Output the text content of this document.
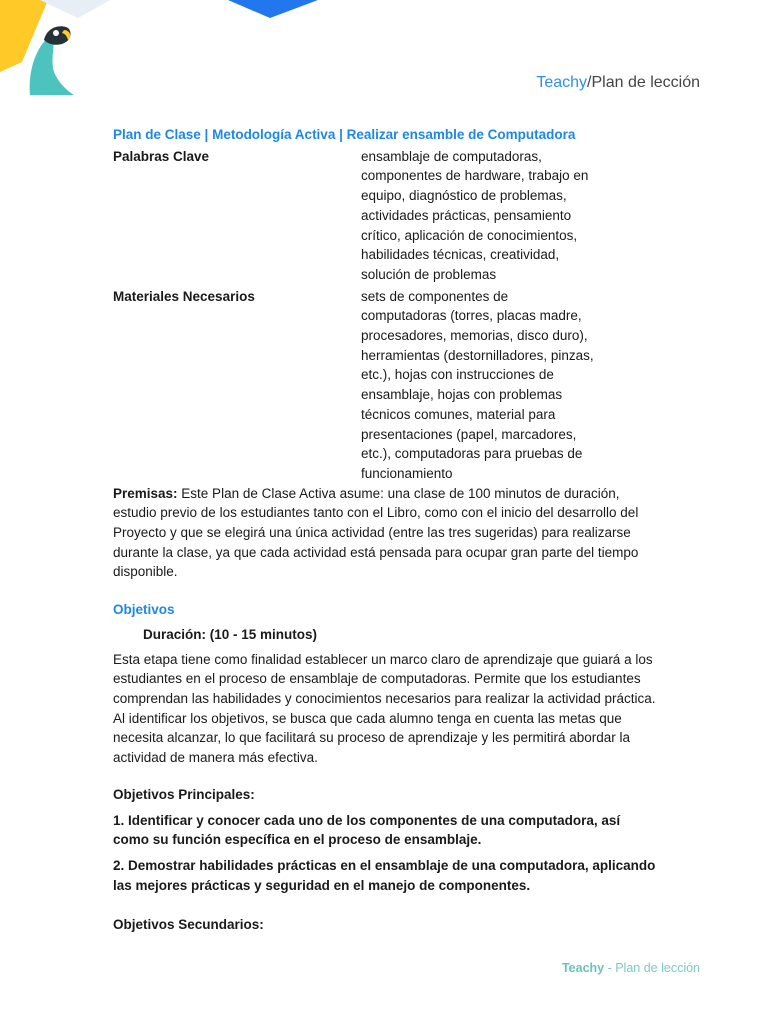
Teachy/Plan de lección
Plan de Clase | Metodología Activa | Realizar ensamble de Computadora
Palabras Clave	ensamblaje de computadoras, componentes de hardware, trabajo en equipo, diagnóstico de problemas, actividades prácticas, pensamiento crítico, aplicación de conocimientos, habilidades técnicas, creatividad, solución de problemas
Materiales Necesarios	sets de componentes de computadoras (torres, placas madre, procesadores, memorias, disco duro), herramientas (destornilladores, pinzas, etc.), hojas con instrucciones de ensamblaje, hojas con problemas técnicos comunes, material para presentaciones (papel, marcadores, etc.), computadoras para pruebas de funcionamiento

Premisas: Este Plan de Clase Activa asume: una clase de 100 minutos de duración, estudio previo de los estudiantes tanto con el Libro, como con el inicio del desarrollo del Proyecto y que se elegirá una única actividad (entre las tres sugeridas) para realizarse durante la clase, ya que cada actividad está pensada para ocupar gran parte del tiempo disponible.

Objetivos
Duración: (10 - 15 minutos)

Esta etapa tiene como finalidad establecer un marco claro de aprendizaje que guiará a los estudiantes en el proceso de ensamblaje de computadoras. Permite que los estudiantes comprendan las habilidades y conocimientos necesarios para realizar la actividad práctica. Al identificar los objetivos, se busca que cada alumno tenga en cuenta las metas que necesita alcanzar, lo que facilitará su proceso de aprendizaje y les permitirá abordar la actividad de manera más efectiva.

Objetivos Principales:
1. Identificar y conocer cada uno de los componentes de una computadora, así como su función específica en el proceso de ensamblaje.
2. Demostrar habilidades prácticas en el ensamblaje de una computadora, aplicando las mejores prácticas y seguridad en el manejo de componentes.
Objetivos Secundarios:
Teachy - Plan de lección
